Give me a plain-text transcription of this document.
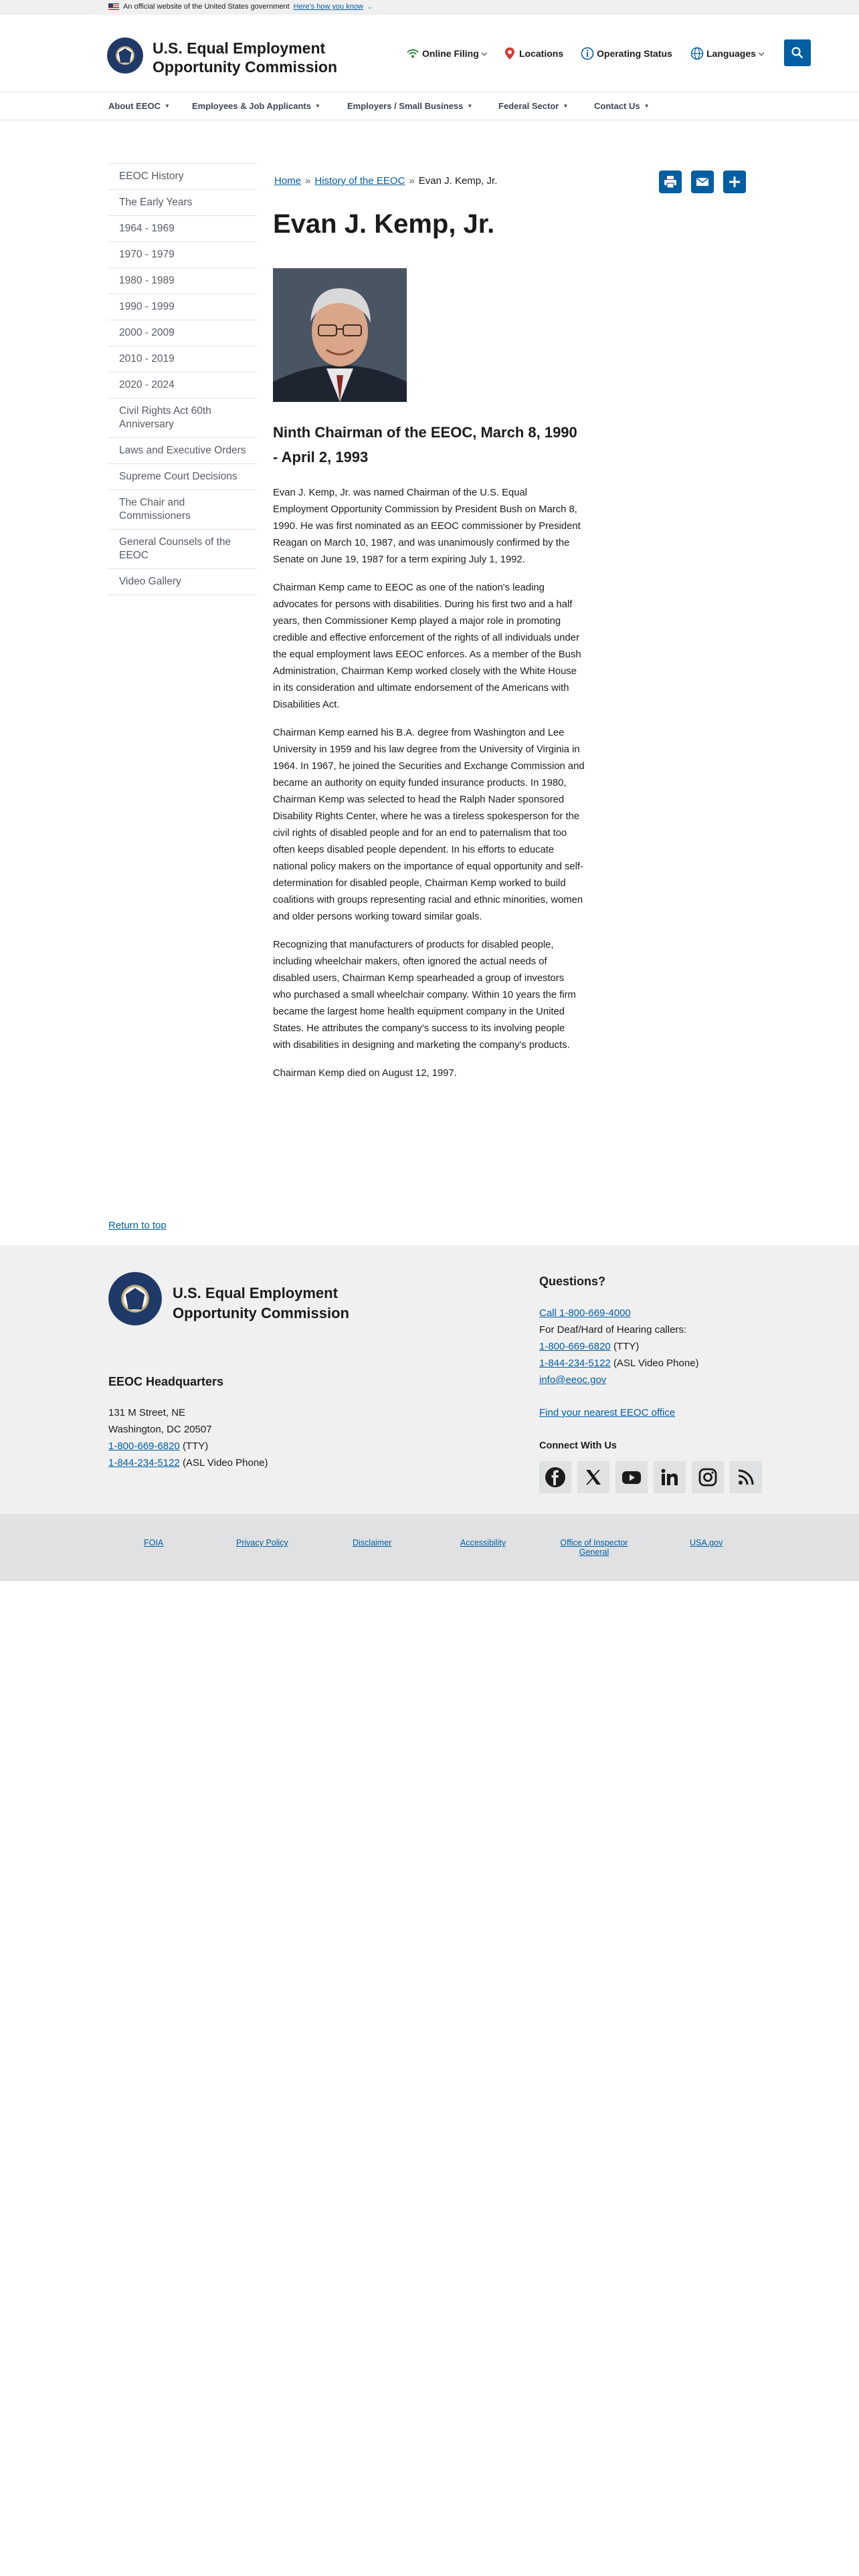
An official website of the United States government Here's how you know ⌄
U.S. Equal Employment
Opportunity Commission
Online Filing ⌵	Locations	Operating Status	Languages ⌵
About EEOC ▼	Employees & Job Applicants ▼	Employers / Small Business ▼	Federal Sector ▼	Contact Us ▼
EEOC History
The Early Years
1964 - 1969
1970 - 1979
1980 - 1989
1990 - 1999
2000 - 2009
2010 - 2019
2020 - 2024
Civil Rights Act 60th Anniversary
Laws and Executive Orders
Supreme Court Decisions
The Chair and Commissioners
General Counsels of the EEOC
Video Gallery
Home » History of the EEOC » Evan J. Kemp, Jr.
Evan J. Kemp, Jr.
Ninth Chairman of the EEOC, March 8, 1990 - April 2, 1993

Evan J. Kemp, Jr. was named Chairman of the U.S. Equal Employment Opportunity Commission by President Bush on March 8, 1990. He was first nominated as an EEOC commissioner by President Reagan on March 10, 1987, and was unanimously confirmed by the Senate on June 19, 1987 for a term expiring July 1, 1992.

Chairman Kemp came to EEOC as one of the nation's leading advocates for persons with disabilities. During his first two and a half years, then Commissioner Kemp played a major role in promoting credible and effective enforcement of the rights of all individuals under the equal employment laws EEOC enforces. As a member of the Bush Administration, Chairman Kemp worked closely with the White House in its consideration and ultimate endorsement of the Americans with Disabilities Act.

Chairman Kemp earned his B.A. degree from Washington and Lee University in 1959 and his law degree from the University of Virginia in 1964. In 1967, he joined the Securities and Exchange Commission and became an authority on equity funded insurance products. In 1980, Chairman Kemp was selected to head the Ralph Nader sponsored Disability Rights Center, where he was a tireless spokesperson for the civil rights of disabled people and for an end to paternalism that too often keeps disabled people dependent. In his efforts to educate national policy makers on the importance of equal opportunity and self-determination for disabled people, Chairman Kemp worked to build coalitions with groups representing racial and ethnic minorities, women and older persons working toward similar goals.

Recognizing that manufacturers of products for disabled people, including wheelchair makers, often ignored the actual needs of disabled users, Chairman Kemp spearheaded a group of investors who purchased a small wheelchair company. Within 10 years the firm became the largest home health equipment company in the United States. He attributes the company's success to its involving people with disabilities in designing and marketing the company's products.

Chairman Kemp died on August 12, 1997.

Return to top
U.S. Equal Employment
Opportunity Commission
EEOC Headquarters
131 M Street, NE
Washington, DC 20507
1-800-669-6820 (TTY)
1-844-234-5122 (ASL Video Phone)
Questions?
Call 1-800-669-4000
For Deaf/Hard of Hearing callers:
1-800-669-6820 (TTY)
1-844-234-5122 (ASL Video Phone)
info@eeoc.gov
Find your nearest EEOC office
Connect With Us
FOIA	Privacy Policy	Disclaimer	Accessibility	Office of Inspector General
USA.gov
